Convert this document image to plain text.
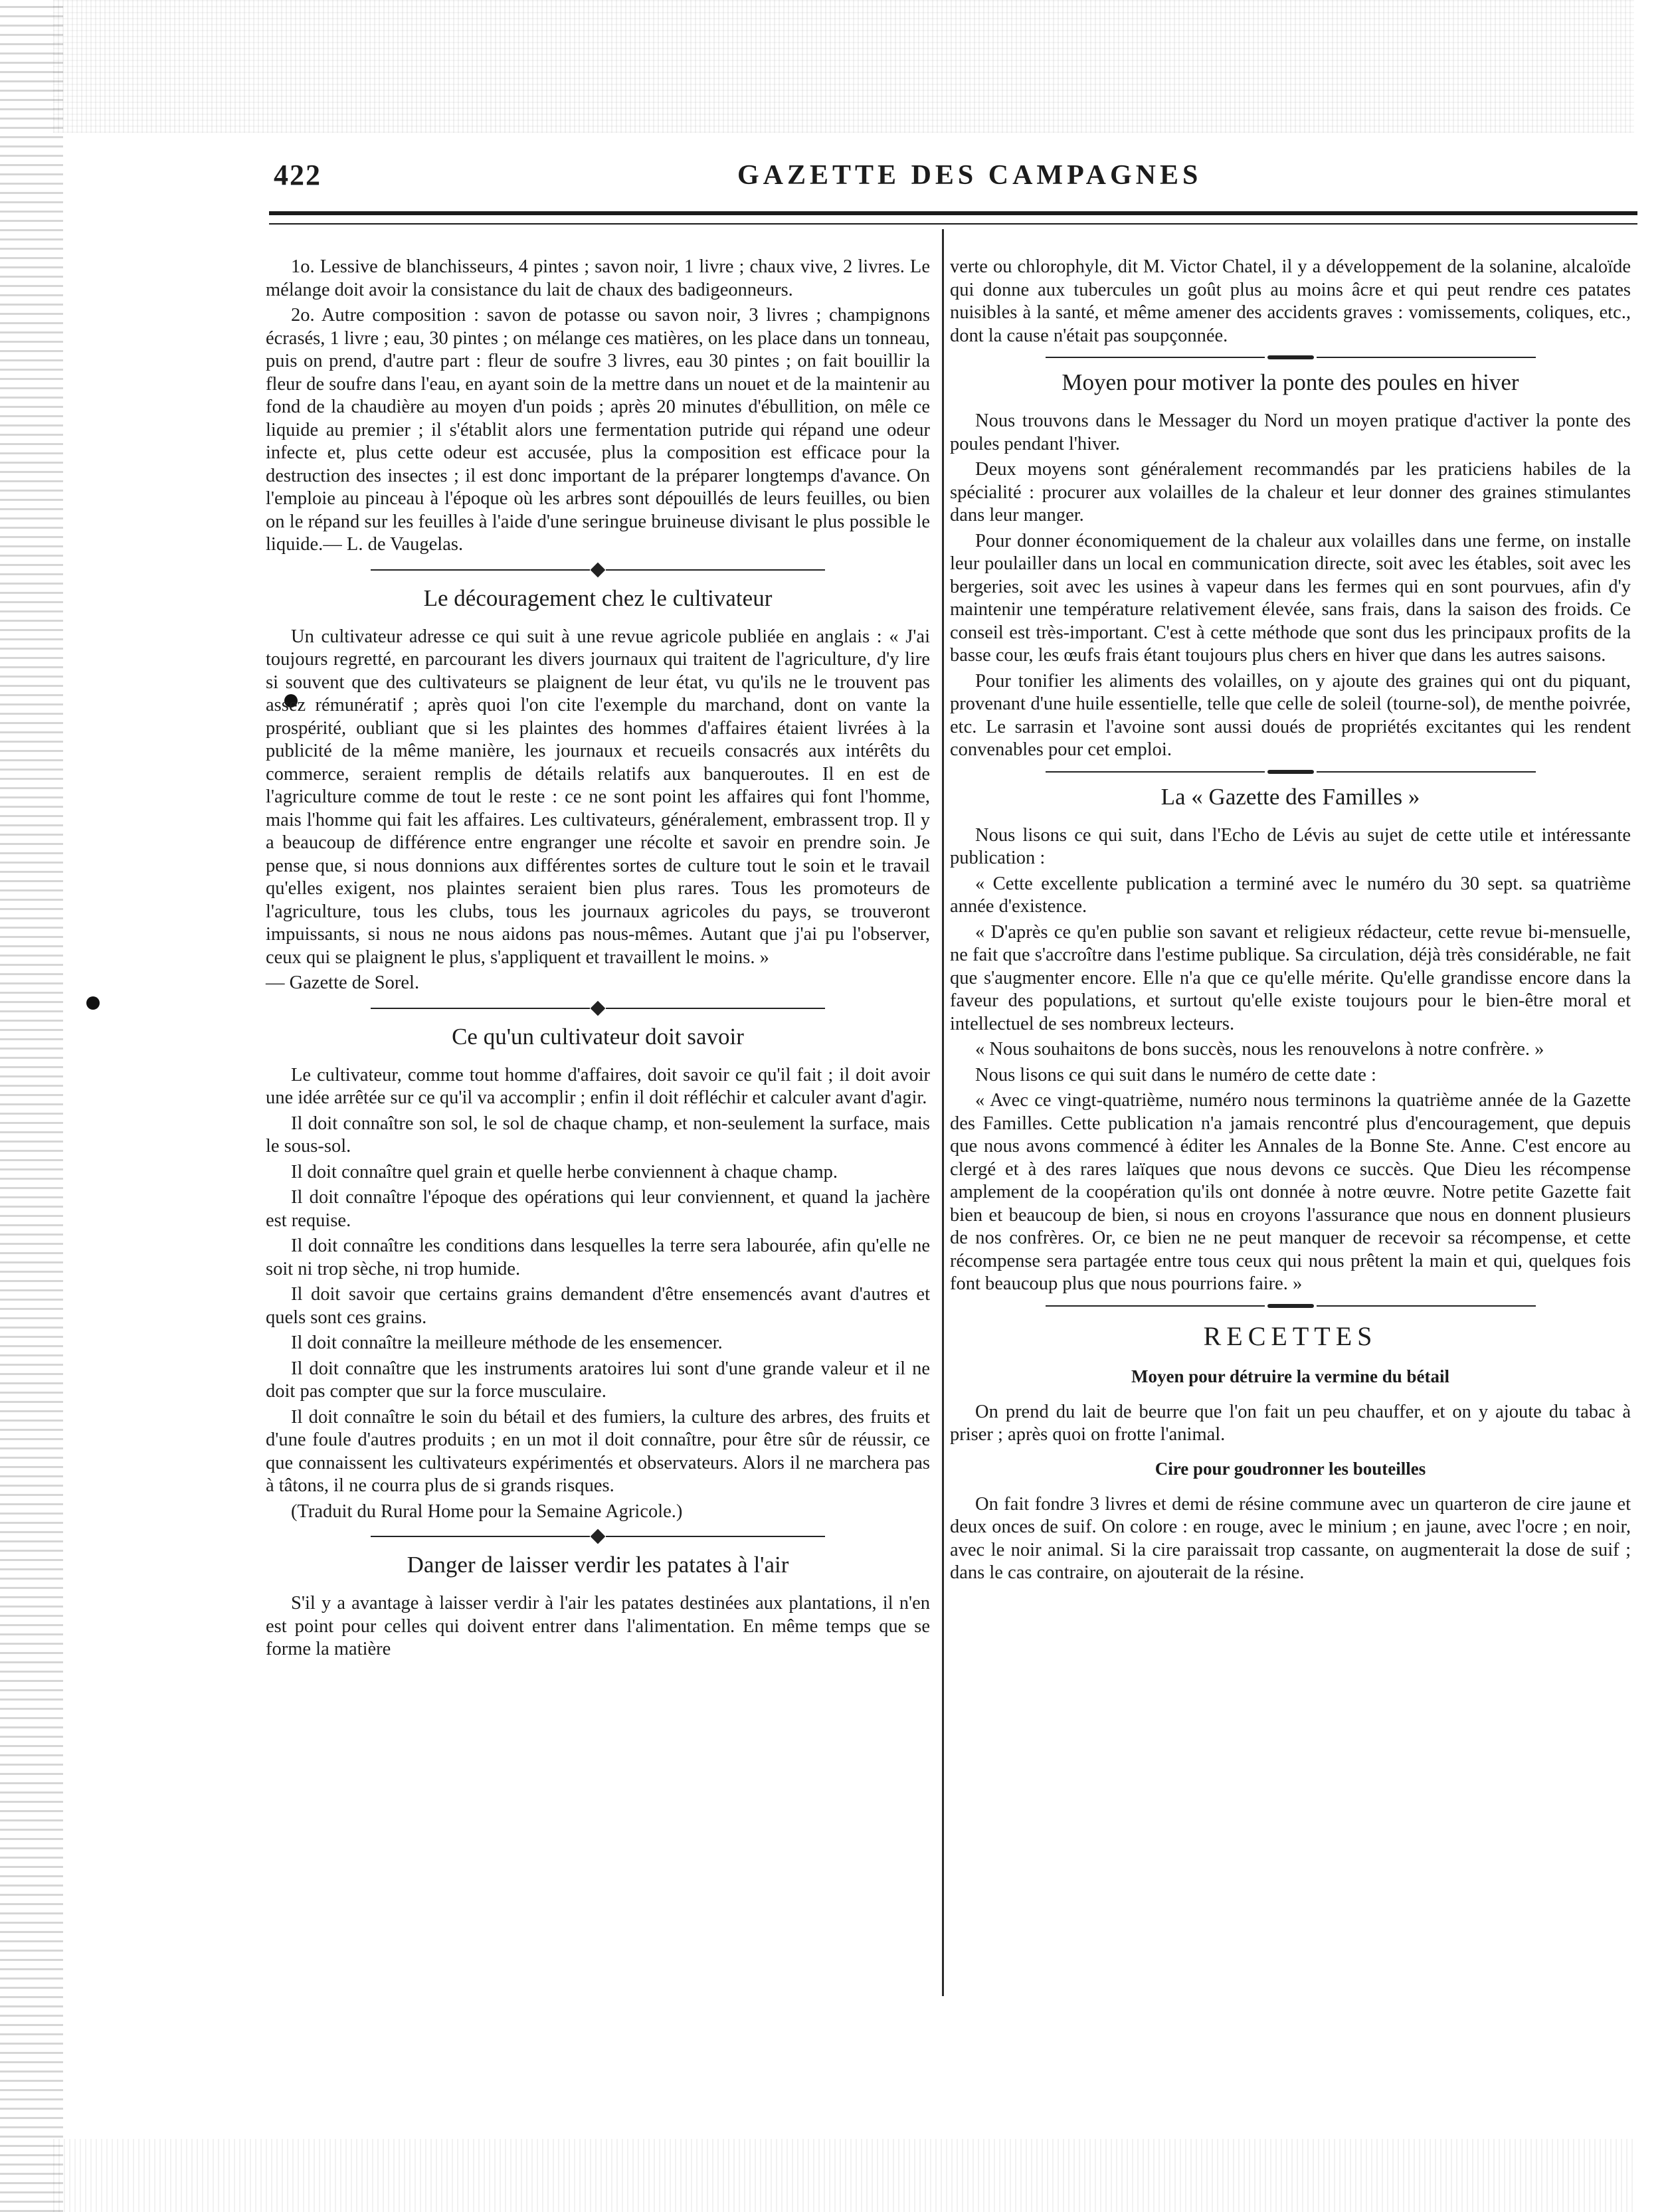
422	GAZETTE DES CAMPAGNES

1o. Lessive de blanchisseurs, 4 pintes ; savon noir, 1 livre ; chaux vive, 2 livres. Le mélange doit avoir la consistance du lait de chaux des badigeonneurs.

2o. Autre composition : savon de potasse ou savon noir, 3 livres ; champignons écrasés, 1 livre ; eau, 30 pintes ; on mélange ces matières, on les place dans un tonneau, puis on prend, d'autre part : fleur de soufre 3 livres, eau 30 pintes ; on fait bouillir la fleur de soufre dans l'eau, en ayant soin de la mettre dans un nouet et de la maintenir au fond de la chaudière au moyen d'un poids ; après 20 minutes d'ébullition, on mêle ce liquide au premier ; il s'établit alors une fermentation putride qui répand une odeur infecte et, plus cette odeur est accusée, plus la composition est efficace pour la destruction des insectes ; il est donc important de la préparer longtemps d'avance. On l'emploie au pinceau à l'époque où les arbres sont dépouillés de leurs feuilles, ou bien on le répand sur les feuilles à l'aide d'une seringue bruineuse divisant le plus possible le liquide.— L. de Vaugelas.

Le découragement chez le cultivateur

Un cultivateur adresse ce qui suit à une revue agricole publiée en anglais : « J'ai toujours regretté, en parcourant les divers journaux qui traitent de l'agriculture, d'y lire si souvent que des cultivateurs se plaignent de leur état, vu qu'ils ne le trouvent pas assez rémunératif ; après quoi l'on cite l'exemple du marchand, dont on vante la prospérité, oubliant que si les plaintes des hommes d'affaires étaient livrées à la publicité de la même manière, les journaux et recueils consacrés aux intérêts du commerce, seraient remplis de détails relatifs aux banqueroutes. Il en est de l'agriculture comme de tout le reste : ce ne sont point les affaires qui font l'homme, mais l'homme qui fait les affaires. Les cultivateurs, généralement, embrassent trop. Il y a beaucoup de différence entre engranger une récolte et savoir en prendre soin. Je pense que, si nous donnions aux différentes sortes de culture tout le soin et le travail qu'elles exigent, nos plaintes seraient bien plus rares. Tous les promoteurs de l'agriculture, tous les clubs, tous les journaux agricoles du pays, se trouveront impuissants, si nous ne nous aidons pas nous-mêmes. Autant que j'ai pu l'observer, ceux qui se plaignent le plus, s'appliquent et travaillent le moins. »

— Gazette de Sorel.

Ce qu'un cultivateur doit savoir

Le cultivateur, comme tout homme d'affaires, doit savoir ce qu'il fait ; il doit avoir une idée arrêtée sur ce qu'il va accomplir ; enfin il doit réfléchir et calculer avant d'agir.

Il doit connaître son sol, le sol de chaque champ, et non-seulement la surface, mais le sous-sol.

Il doit connaître quel grain et quelle herbe conviennent à chaque champ.

Il doit connaître l'époque des opérations qui leur conviennent, et quand la jachère est requise.

Il doit connaître les conditions dans lesquelles la terre sera labourée, afin qu'elle ne soit ni trop sèche, ni trop humide.

Il doit savoir que certains grains demandent d'être ensemencés avant d'autres et quels sont ces grains.

Il doit connaître la meilleure méthode de les ensemencer.

Il doit connaître que les instruments aratoires lui sont d'une grande valeur et il ne doit pas compter que sur la force musculaire.

Il doit connaître le soin du bétail et des fumiers, la culture des arbres, des fruits et d'une foule d'autres produits ; en un mot il doit connaître, pour être sûr de réussir, ce que connaissent les cultivateurs expérimentés et observateurs. Alors il ne marchera pas à tâtons, il ne courra plus de si grands risques.

(Traduit du Rural Home pour la Semaine Agricole.)

Danger de laisser verdir les patates à l'air

S'il y a avantage à laisser verdir à l'air les patates destinées aux plantations, il n'en est point pour celles qui doivent entrer dans l'alimentation. En même temps que se forme la matière

verte ou chlorophyle, dit M. Victor Chatel, il y a développement de la solanine, alcaloïde qui donne aux tubercules un goût plus au moins âcre et qui peut rendre ces patates nuisibles à la santé, et même amener des accidents graves : vomissements, coliques, etc., dont la cause n'était pas soupçonnée.

Moyen pour motiver la ponte des poules en hiver

Nous trouvons dans le Messager du Nord un moyen pratique d'activer la ponte des poules pendant l'hiver.

Deux moyens sont généralement recommandés par les praticiens habiles de la spécialité : procurer aux volailles de la chaleur et leur donner des graines stimulantes dans leur manger.

Pour donner économiquement de la chaleur aux volailles dans une ferme, on installe leur poulailler dans un local en communication directe, soit avec les étables, soit avec les bergeries, soit avec les usines à vapeur dans les fermes qui en sont pourvues, afin d'y maintenir une température relativement élevée, sans frais, dans la saison des froids. Ce conseil est très-important. C'est à cette méthode que sont dus les principaux profits de la basse cour, les œufs frais étant toujours plus chers en hiver que dans les autres saisons.

Pour tonifier les aliments des volailles, on y ajoute des graines qui ont du piquant, provenant d'une huile essentielle, telle que celle de soleil (tourne-sol), de menthe poivrée, etc. Le sarrasin et l'avoine sont aussi doués de propriétés excitantes qui les rendent convenables pour cet emploi.

La « Gazette des Familles »

Nous lisons ce qui suit, dans l'Echo de Lévis au sujet de cette utile et intéressante publication :

« Cette excellente publication a terminé avec le numéro du 30 sept. sa quatrième année d'existence.

« D'après ce qu'en publie son savant et religieux rédacteur, cette revue bi-mensuelle, ne fait que s'accroître dans l'estime publique. Sa circulation, déjà très considérable, ne fait que s'augmenter encore. Elle n'a que ce qu'elle mérite. Qu'elle grandisse encore dans la faveur des populations, et surtout qu'elle existe toujours pour le bien-être moral et intellectuel de ses nombreux lecteurs.

« Nous souhaitons de bons succès, nous les renouvelons à notre confrère. »

Nous lisons ce qui suit dans le numéro de cette date :

« Avec ce vingt-quatrième, numéro nous terminons la quatrième année de la Gazette des Familles. Cette publication n'a jamais rencontré plus d'encouragement, que depuis que nous avons commencé à éditer les Annales de la Bonne Ste. Anne. C'est encore au clergé et à des rares laïques que nous devons ce succès. Que Dieu les récompense amplement de la coopération qu'ils ont donnée à notre œuvre. Notre petite Gazette fait bien et beaucoup de bien, si nous en croyons l'assurance que nous en donnent plusieurs de nos confrères. Or, ce bien ne ne peut manquer de recevoir sa récompense, et cette récompense sera partagée entre tous ceux qui nous prêtent la main et qui, quelques fois font beaucoup plus que nous pourrions faire. »

RECETTES
Moyen pour détruire la vermine du bétail

On prend du lait de beurre que l'on fait un peu chauffer, et on y ajoute du tabac à priser ; après quoi on frotte l'animal.

Cire pour goudronner les bouteilles

On fait fondre 3 livres et demi de résine commune avec un quarteron de cire jaune et deux onces de suif. On colore : en rouge, avec le minium ; en jaune, avec l'ocre ; en noir, avec le noir animal. Si la cire paraissait trop cassante, on augmenterait la dose de suif ; dans le cas contraire, on ajouterait de la résine.
